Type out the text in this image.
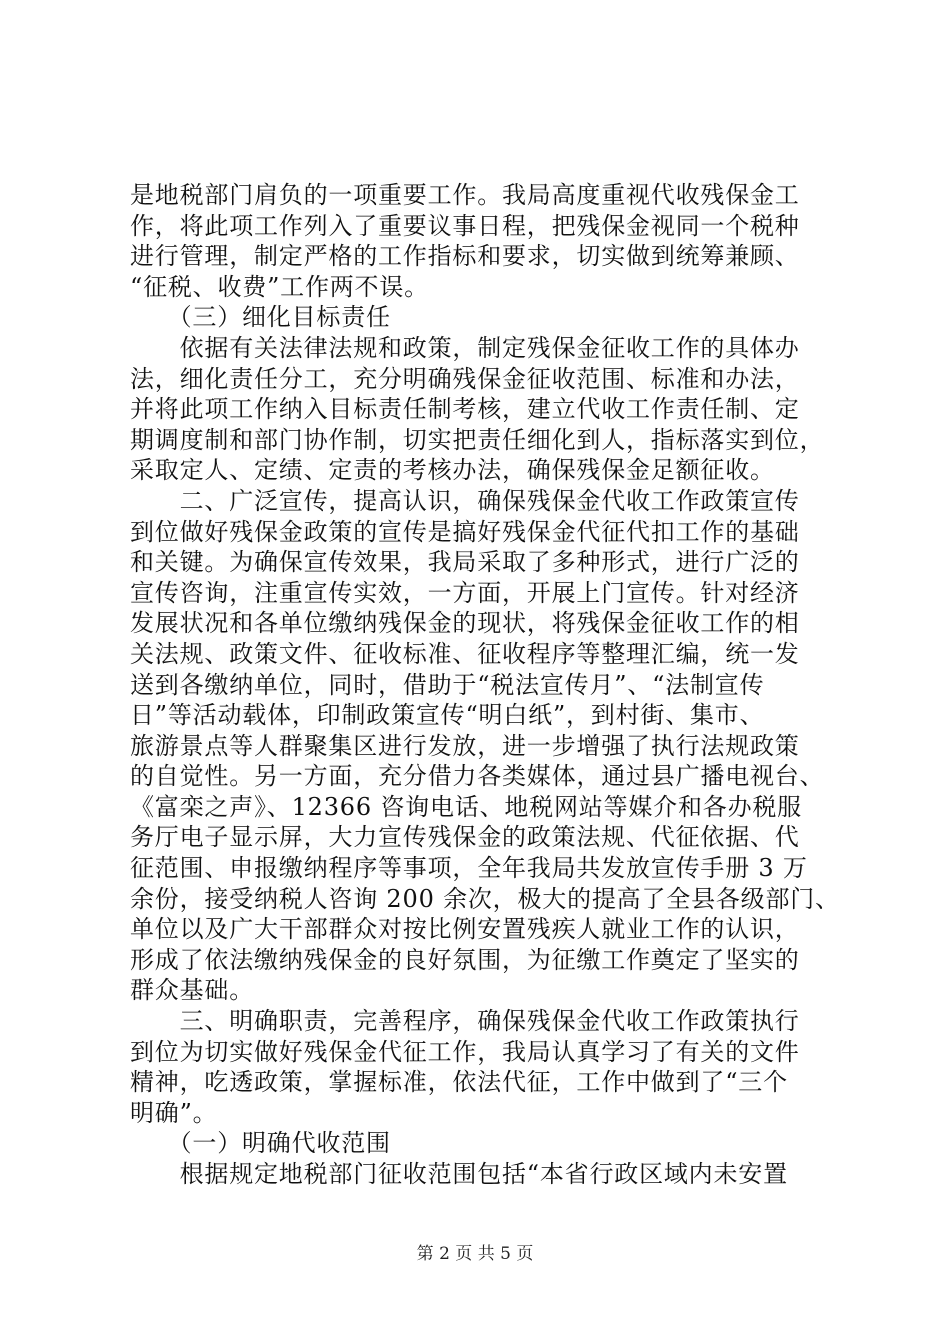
是地税部门肩负的一项重要工作。我局高度重视代收残保金工
作，将此项工作列入了重要议事日程，把残保金视同一个税种
进行管理，制定严格的工作指标和要求，切实做到统筹兼顾、
“征税、收费”工作两不误。
　　（三）细化目标责任
　　依据有关法律法规和政策，制定残保金征收工作的具体办
法，细化责任分工，充分明确残保金征收范围、标准和办法，
并将此项工作纳入目标责任制考核，建立代收工作责任制、定
期调度制和部门协作制，切实把责任细化到人，指标落实到位，
采取定人、定绩、定责的考核办法，确保残保金足额征收。
　　二、广泛宣传，提高认识，确保残保金代收工作政策宣传
到位做好残保金政策的宣传是搞好残保金代征代扣工作的基础
和关键。为确保宣传效果，我局采取了多种形式，进行广泛的
宣传咨询，注重宣传实效，一方面，开展上门宣传。针对经济
发展状况和各单位缴纳残保金的现状，将残保金征收工作的相
关法规、政策文件、征收标准、征收程序等整理汇编，统一发
送到各缴纳单位，同时，借助于“税法宣传月”、“法制宣传
日”等活动载体，印制政策宣传“明白纸”，到村街、集市、
旅游景点等人群聚集区进行发放，进一步增强了执行法规政策
的自觉性。另一方面，充分借力各类媒体，通过县广播电视台、
《富栾之声》、12366 咨询电话、地税网站等媒介和各办税服
务厅电子显示屏，大力宣传残保金的政策法规、代征依据、代
征范围、申报缴纳程序等事项，全年我局共发放宣传手册 3 万
余份，接受纳税人咨询 200 余次，极大的提高了全县各级部门、
单位以及广大干部群众对按比例安置残疾人就业工作的认识，
形成了依法缴纳残保金的良好氛围，为征缴工作奠定了坚实的
群众基础。
　　三、明确职责，完善程序，确保残保金代收工作政策执行
到位为切实做好残保金代征工作，我局认真学习了有关的文件
精神，吃透政策，掌握标准，依法代征，工作中做到了“三个
明确”。
　　（一）明确代收范围
　　根据规定地税部门征收范围包括“本省行政区域内未安置
第 2 页 共 5 页
